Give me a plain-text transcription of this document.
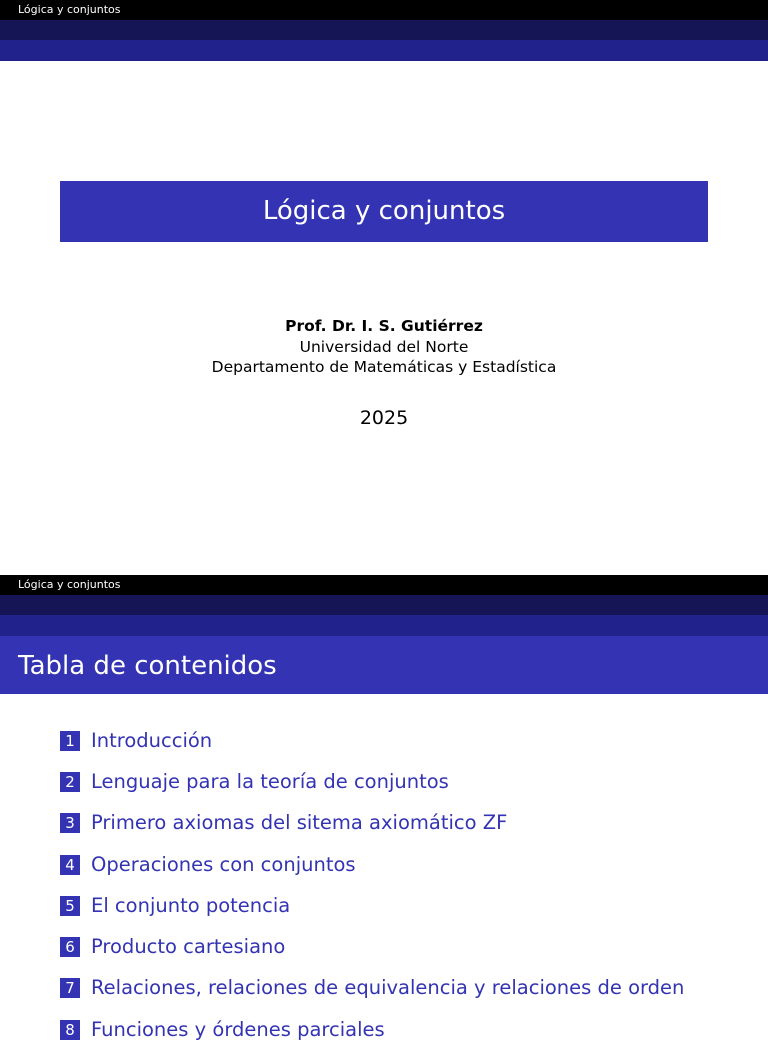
Lógica y conjuntos
Lógica y conjuntos
Prof. Dr. I. S. Gutiérrez
Universidad del Norte
Departamento de Matemáticas y Estadística
2025
Lógica y conjuntos
Tabla de contenidos
1 Introducción
2 Lenguaje para la teoría de conjuntos
3 Primero axiomas del sitema axiomático ZF
4 Operaciones con conjuntos
5 El conjunto potencia
6 Producto cartesiano
7 Relaciones, relaciones de equivalencia y relaciones de orden
8 Funciones y órdenes parciales
